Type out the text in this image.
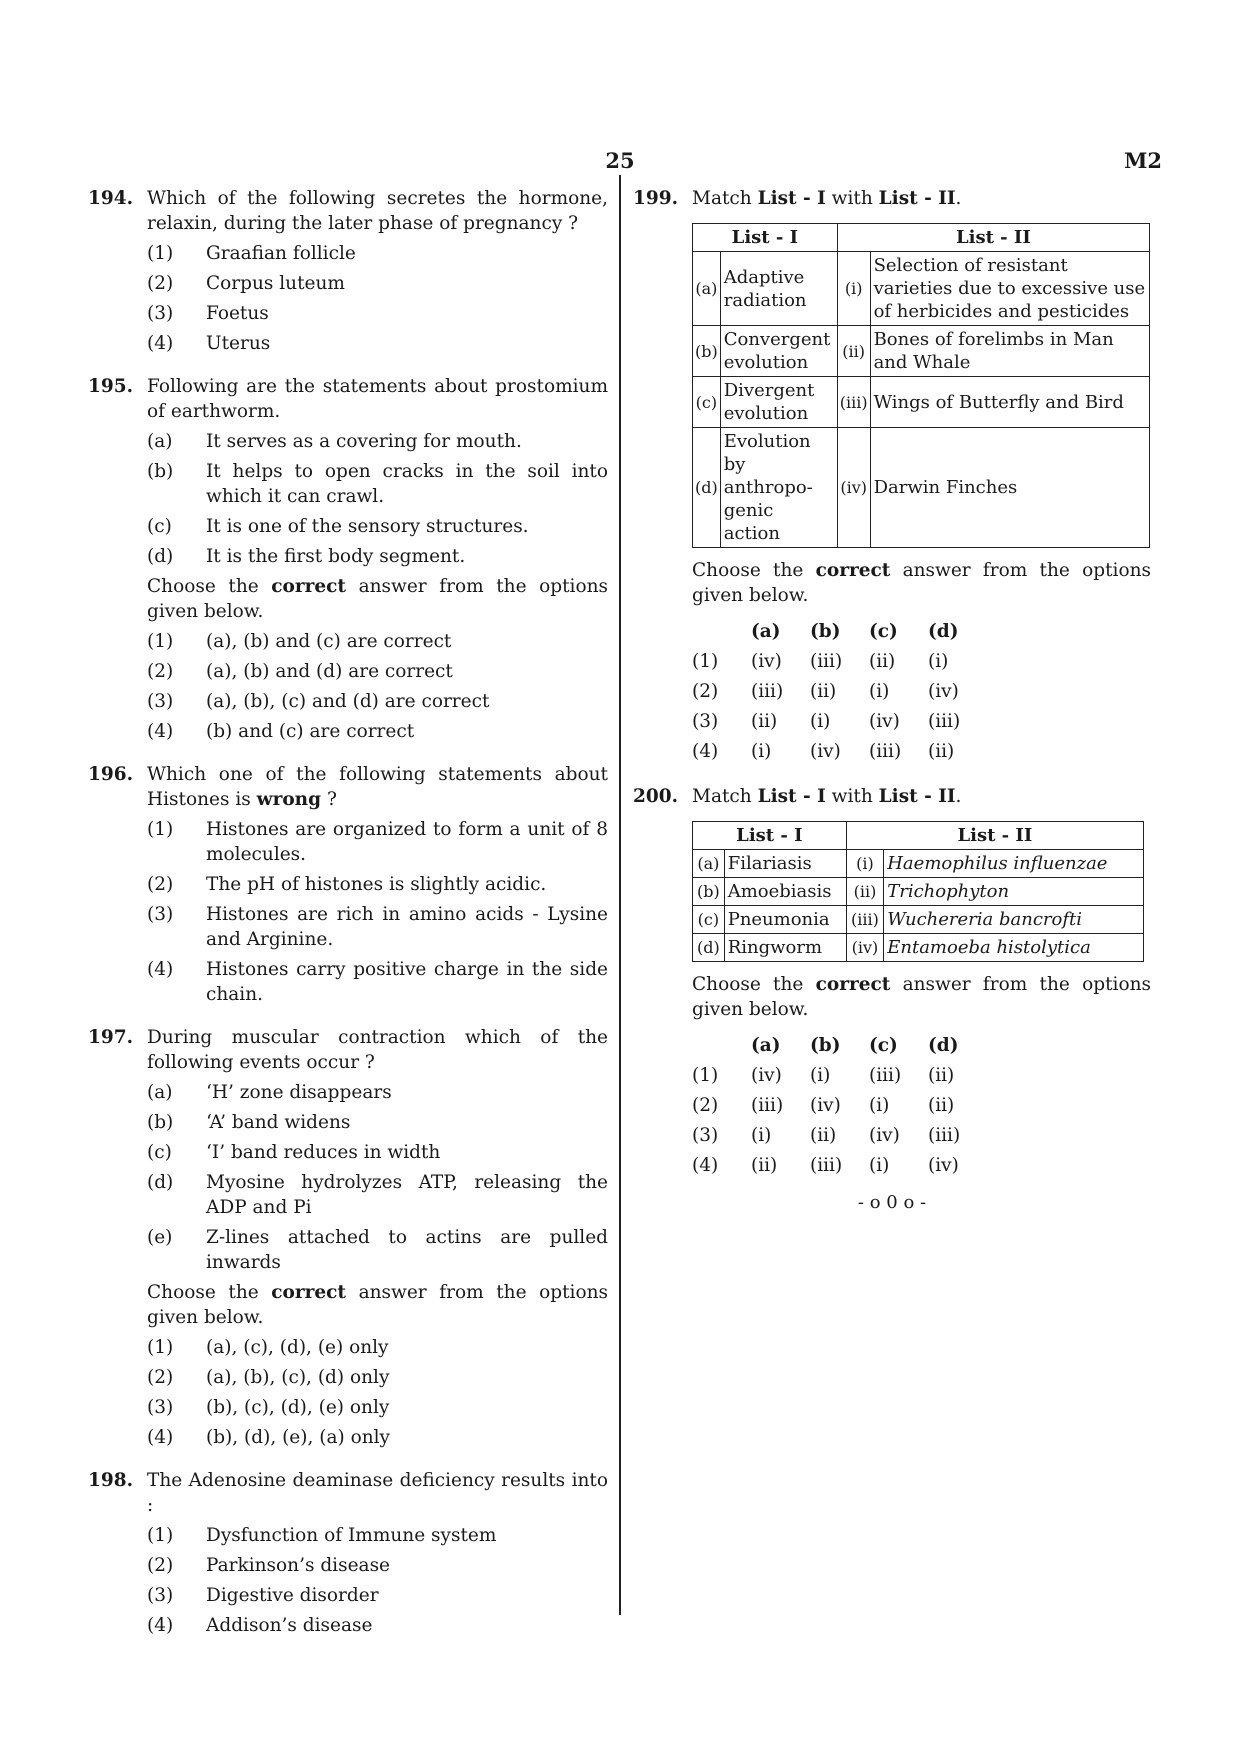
25	M2
194. Which of the following secretes the hormone, relaxin, during the later phase of pregnancy ?
(1)	Graafian follicle
(2)	Corpus luteum
(3)	Foetus
(4)	Uterus
195. Following are the statements about prostomium of earthworm.
(a)	It serves as a covering for mouth.
(b)	It helps to open cracks in the soil into which it can crawl.
(c)	It is one of the sensory structures.
(d)	It is the first body segment.
Choose the correct answer from the options given below.
(1)	(a), (b) and (c) are correct
(2)	(a), (b) and (d) are correct
(3)	(a), (b), (c) and (d) are correct
(4)	(b) and (c) are correct
196. Which one of the following statements about Histones is wrong ?
(1)	Histones are organized to form a unit of 8 molecules.
(2)	The pH of histones is slightly acidic.
(3)	Histones are rich in amino acids - Lysine and Arginine.
(4)	Histones carry positive charge in the side chain.
197. During muscular contraction which of the following events occur ?
(a)	‘H’ zone disappears
(b)	‘A’ band widens
(c)	‘I’ band reduces in width
(d)	Myosine hydrolyzes ATP, releasing the ADP and Pi
(e)	Z-lines attached to actins are pulled inwards
Choose the correct answer from the options given below.
(1)	(a), (c), (d), (e) only
(2)	(a), (b), (c), (d) only
(3)	(b), (c), (d), (e) only
(4)	(b), (d), (e), (a) only
198. The Adenosine deaminase deficiency results into :
(1)	Dysfunction of Immune system
(2)	Parkinson’s disease
(3)	Digestive disorder
(4)	Addison’s disease
199. Match List - I with List - II.
List - I		List - II	
(a)	Adaptive radiation	(i)	Selection of resistant varieties due to excessive use of herbicides and pesticides
(b)	Convergent evolution	(ii)	Bones of forelimbs in Man and Whale
(c)	Divergent evolution	(iii)	Wings of Butterfly and Bird
(d)	Evolution by anthropo-genic action	(iv)	Darwin Finches
Choose the correct answer from the options given below.
(a)	(b)	(c)	(d)
(1)	(iv)	(iii)	(ii)	(i)
(2)	(iii)	(ii)	(i)	(iv)
(3)	(ii)	(i)	(iv)	(iii)
(4)	(i)	(iv)	(iii)	(ii)
200. Match List - I with List - II.
List - I		List - II	
(a)	Filariasis	(i)	Haemophilus influenzae
(b)	Amoebiasis	(ii)	Trichophyton
(c)	Pneumonia	(iii)	Wuchereria bancrofti
(d)	Ringworm	(iv)	Entamoeba histolytica
Choose the correct answer from the options given below.
(a)	(b)	(c)	(d)
(1)	(iv)	(i)	(iii)	(ii)
(2)	(iii)	(iv)	(i)	(ii)
(3)	(i)	(ii)	(iv)	(iii)
(4)	(ii)	(iii)	(i)	(iv)
- o 0 o -
